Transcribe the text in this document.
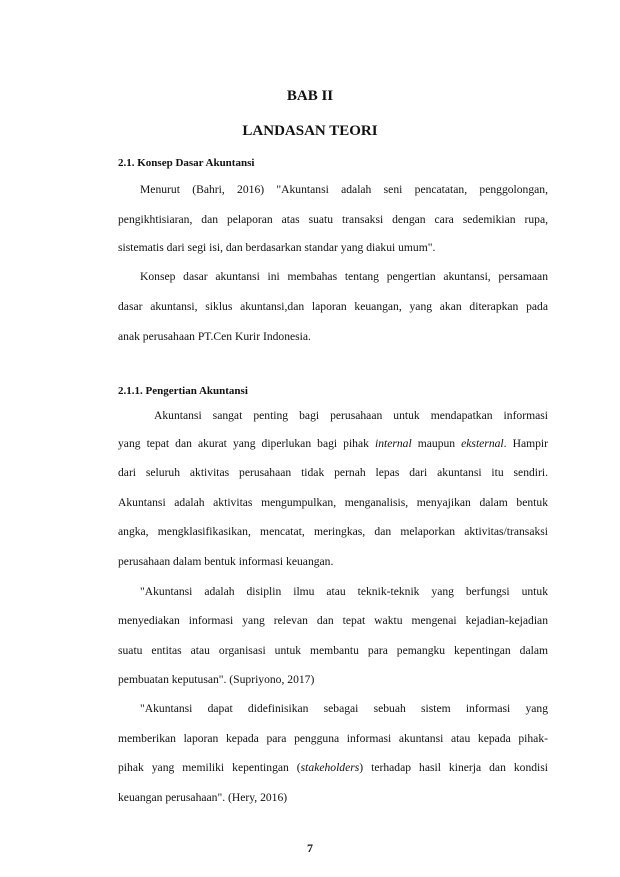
BAB II
LANDASAN TEORI
2.1. Konsep Dasar Akuntansi
Menurut (Bahri, 2016) "Akuntansi adalah seni pencatatan, penggolongan,
pengikhtisiaran, dan pelaporan atas suatu transaksi dengan cara sedemikian rupa,
sistematis dari segi isi, dan berdasarkan standar yang diakui umum".
Konsep dasar akuntansi ini membahas tentang pengertian akuntansi, persamaan
dasar akuntansi, siklus akuntansi,dan laporan keuangan, yang akan diterapkan pada
anak perusahaan PT.Cen Kurir Indonesia.
2.1.1. Pengertian Akuntansi
Akuntansi sangat penting bagi perusahaan untuk mendapatkan informasi
yang tepat dan akurat yang diperlukan bagi pihak internal maupun eksternal. Hampir
dari seluruh aktivitas perusahaan tidak pernah lepas dari akuntansi itu sendiri.
Akuntansi adalah aktivitas mengumpulkan, menganalisis, menyajikan dalam bentuk
angka, mengklasifikasikan, mencatat, meringkas, dan melaporkan aktivitas/transaksi
perusahaan dalam bentuk informasi keuangan.
"Akuntansi adalah disiplin ilmu atau teknik-teknik yang berfungsi untuk
menyediakan informasi yang relevan dan tepat waktu mengenai kejadian-kejadian
suatu entitas atau organisasi untuk membantu para pemangku kepentingan dalam
pembuatan keputusan". (Supriyono, 2017)
"Akuntansi dapat didefinisikan sebagai sebuah sistem informasi yang
memberikan laporan kepada para pengguna informasi akuntansi atau kepada pihak-
pihak yang memiliki kepentingan (stakeholders) terhadap hasil kinerja dan kondisi
keuangan perusahaan". (Hery, 2016)
7
